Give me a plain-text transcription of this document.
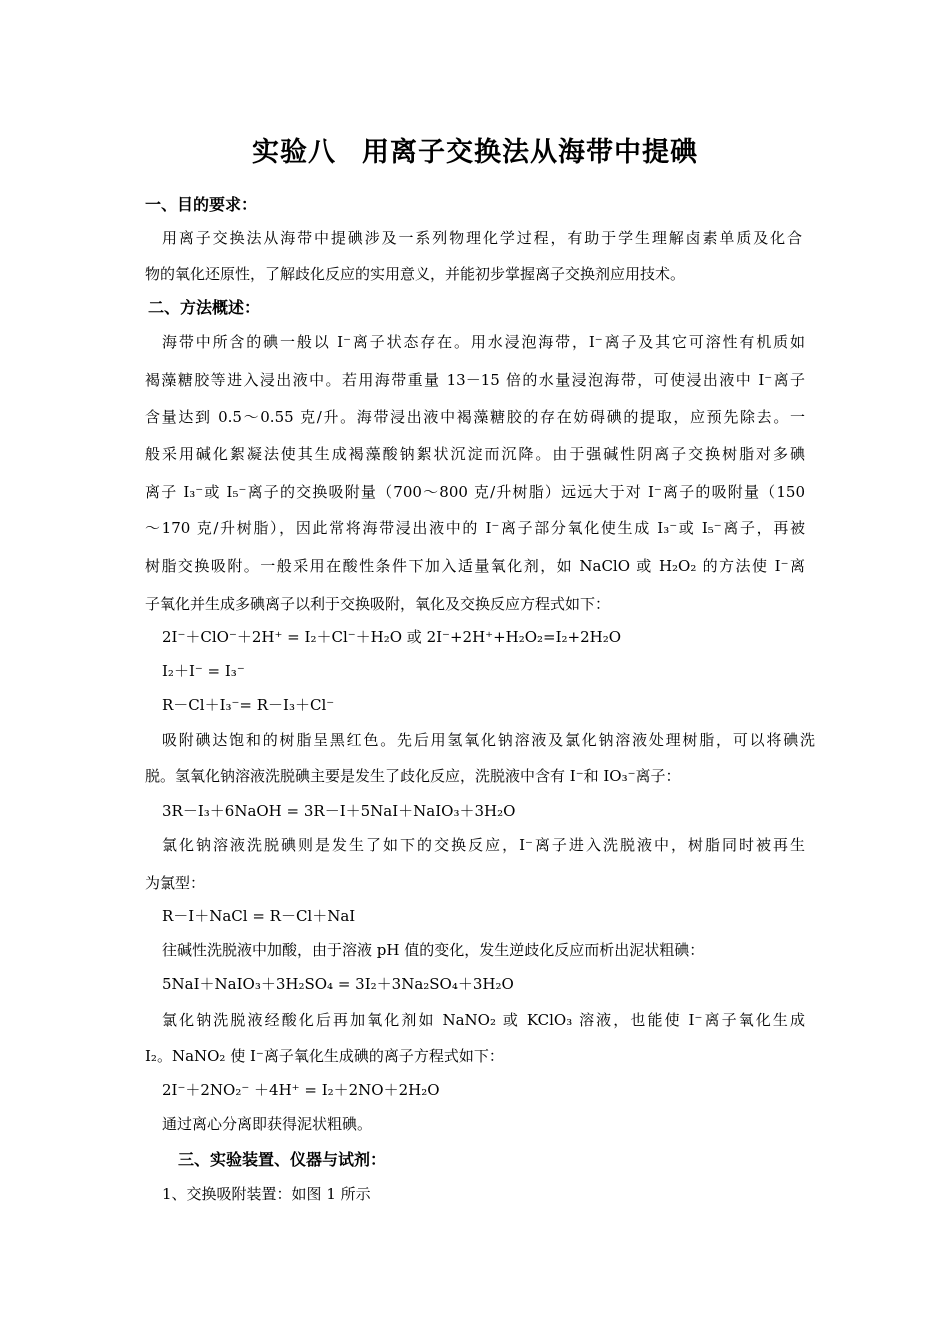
实验八 用离子交换法从海带中提碘
一、目的要求：
用离子交换法从海带中提碘涉及一系列物理化学过程，有助于学生理解卤素单质及化合
物的氧化还原性，了解歧化反应的实用意义，并能初步掌握离子交换剂应用技术。
二、方法概述：
海带中所含的碘一般以 I⁻离子状态存在。用水浸泡海带，I⁻离子及其它可溶性有机质如
褐藻糖胶等进入浸出液中。若用海带重量 13－15 倍的水量浸泡海带，可使浸出液中 I⁻离子
含量达到 0.5～0.55 克/升。海带浸出液中褐藻糖胶的存在妨碍碘的提取，应预先除去。一
般采用碱化絮凝法使其生成褐藻酸钠絮状沉淀而沉降。由于强碱性阴离子交换树脂对多碘
离子 I₃⁻或 I₅⁻离子的交换吸附量（700～800 克/升树脂）远远大于对 I⁻离子的吸附量（150
～170 克/升树脂），因此常将海带浸出液中的 I⁻离子部分氧化使生成 I₃⁻或 I₅⁻离子，再被
树脂交换吸附。一般采用在酸性条件下加入适量氧化剂，如 NaClO 或 H₂O₂ 的方法使 I⁻离
子氧化并生成多碘离子以利于交换吸附，氧化及交换反应方程式如下：
2I⁻＋ClO⁻＋2H⁺ = I₂＋Cl⁻＋H₂O 或 2I⁻+2H⁺+H₂O₂=I₂+2H₂O
I₂＋I⁻ = I₃⁻
R－Cl＋I₃⁻= R－I₃＋Cl⁻
吸附碘达饱和的树脂呈黑红色。先后用氢氧化钠溶液及氯化钠溶液处理树脂，可以将碘洗
脱。氢氧化钠溶液洗脱碘主要是发生了歧化反应，洗脱液中含有 I⁻和 IO₃⁻离子：
3R－I₃＋6NaOH = 3R－I＋5NaI＋NaIO₃＋3H₂O
氯化钠溶液洗脱碘则是发生了如下的交换反应，I⁻离子进入洗脱液中，树脂同时被再生
为氯型：
R－I＋NaCl = R－Cl＋NaI
往碱性洗脱液中加酸，由于溶液 pH 值的变化，发生逆歧化反应而析出泥状粗碘：
5NaI＋NaIO₃＋3H₂SO₄ = 3I₂＋3Na₂SO₄＋3H₂O
氯化钠洗脱液经酸化后再加氧化剂如 NaNO₂ 或 KClO₃ 溶液，也能使 I⁻离子氧化生成
I₂。NaNO₂ 使 I⁻离子氧化生成碘的离子方程式如下：
2I⁻＋2NO₂⁻ ＋4H⁺ = I₂＋2NO＋2H₂O
通过离心分离即获得泥状粗碘。
三、实验装置、仪器与试剂：
1、交换吸附装置：如图 1 所示
